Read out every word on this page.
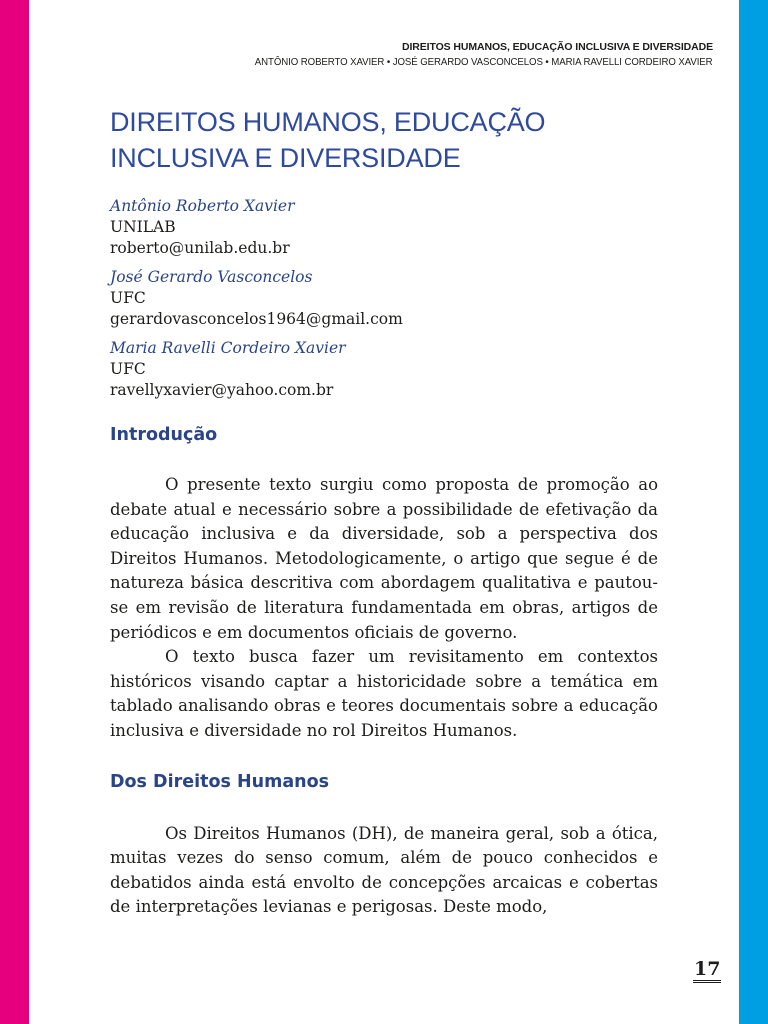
DIREITOS HUMANOS, EDUCAÇÃO INCLUSIVA E DIVERSIDADE
ANTÔNIO ROBERTO XAVIER • JOSÉ GERARDO VASCONCELOS • MARIA RAVELLI CORDEIRO XAVIER
DIREITOS HUMANOS, EDUCAÇÃO
INCLUSIVA E DIVERSIDADE
Antônio Roberto Xavier
UNILAB
roberto@unilab.edu.br
José Gerardo Vasconcelos
UFC
gerardovasconcelos1964@gmail.com
Maria Ravelli Cordeiro Xavier
UFC
ravellyxavier@yahoo.com.br
Introdução

O presente texto surgiu como proposta de promoção ao debate atual e necessário sobre a possibilidade de efetivação da educação inclusiva e da diversidade, sob a perspectiva dos Direitos Humanos. Metodologicamente, o artigo que segue é de natureza básica descritiva com abordagem qualitativa e pautou-se em revisão de literatura fundamentada em obras, artigos de periódicos e em documentos oficiais de governo.

O texto busca fazer um revisitamento em contextos históricos visando captar a historicidade sobre a temática em tablado analisando obras e teores documentais sobre a educação inclusiva e diversidade no rol Direitos Humanos.

Dos Direitos Humanos

Os Direitos Humanos (DH), de maneira geral, sob a ótica, muitas vezes do senso comum, além de pouco conhecidos e debatidos ainda está envolto de concepções arcaicas e cobertas de interpretações levianas e perigosas. Deste modo,

17
